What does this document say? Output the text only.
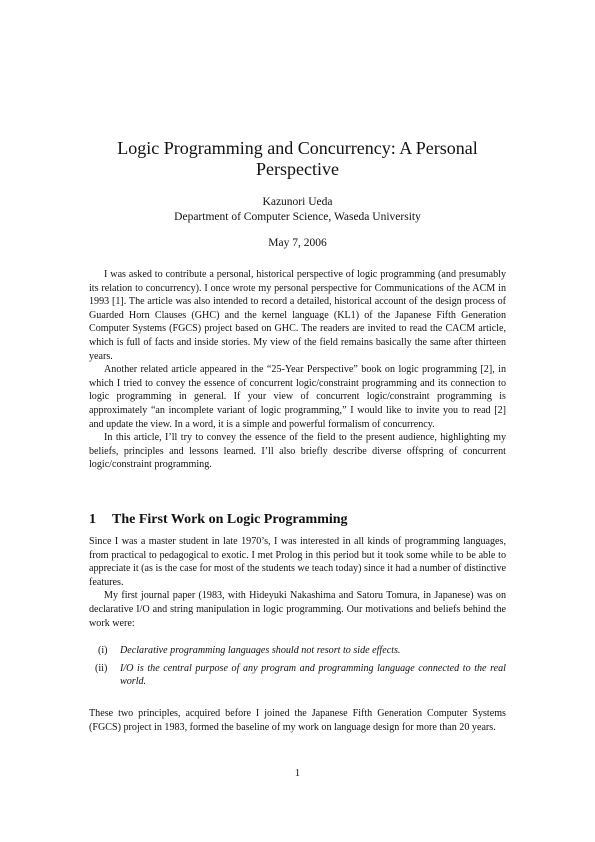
Logic Programming and Concurrency: A Personal
Perspective
Kazunori Ueda
Department of Computer Science, Waseda University
May 7, 2006

I was asked to contribute a personal, historical perspective of logic programming (and presumably its relation to concurrency). I once wrote my personal perspective for Communications of the ACM in 1993 [1]. The article was also intended to record a detailed, historical account of the design process of Guarded Horn Clauses (GHC) and the kernel language (KL1) of the Japanese Fifth Generation Computer Systems (FGCS) project based on GHC. The readers are invited to read the CACM article, which is full of facts and inside stories. My view of the field remains basically the same after thirteen years.

Another related article appeared in the “25-Year Perspective” book on logic programming [2], in which I tried to convey the essence of concurrent logic/constraint programming and its connection to logic programming in general. If your view of concurrent logic/constraint programming is approximately “an incomplete variant of logic programming,” I would like to invite you to read [2] and update the view. In a word, it is a simple and powerful formalism of concurrency.

In this article, I’ll try to convey the essence of the field to the present audience, highlighting my beliefs, principles and lessons learned. I’ll also briefly describe diverse offspring of concurrent logic/constraint programming.

1 The First Work on Logic Programming

Since I was a master student in late 1970’s, I was interested in all kinds of programming languages, from practical to pedagogical to exotic. I met Prolog in this period but it took some while to be able to appreciate it (as is the case for most of the students we teach today) since it had a number of distinctive features.

My first journal paper (1983, with Hideyuki Nakashima and Satoru Tomura, in Japanese) was on declarative I/O and string manipulation in logic programming. Our motivations and beliefs behind the work were:

(i) Declarative programming languages should not resort to side effects.
(ii) I/O is the central purpose of any program and programming language connected to the real world.

These two principles, acquired before I joined the Japanese Fifth Generation Computer Systems (FGCS) project in 1983, formed the baseline of my work on language design for more than 20 years.

1
